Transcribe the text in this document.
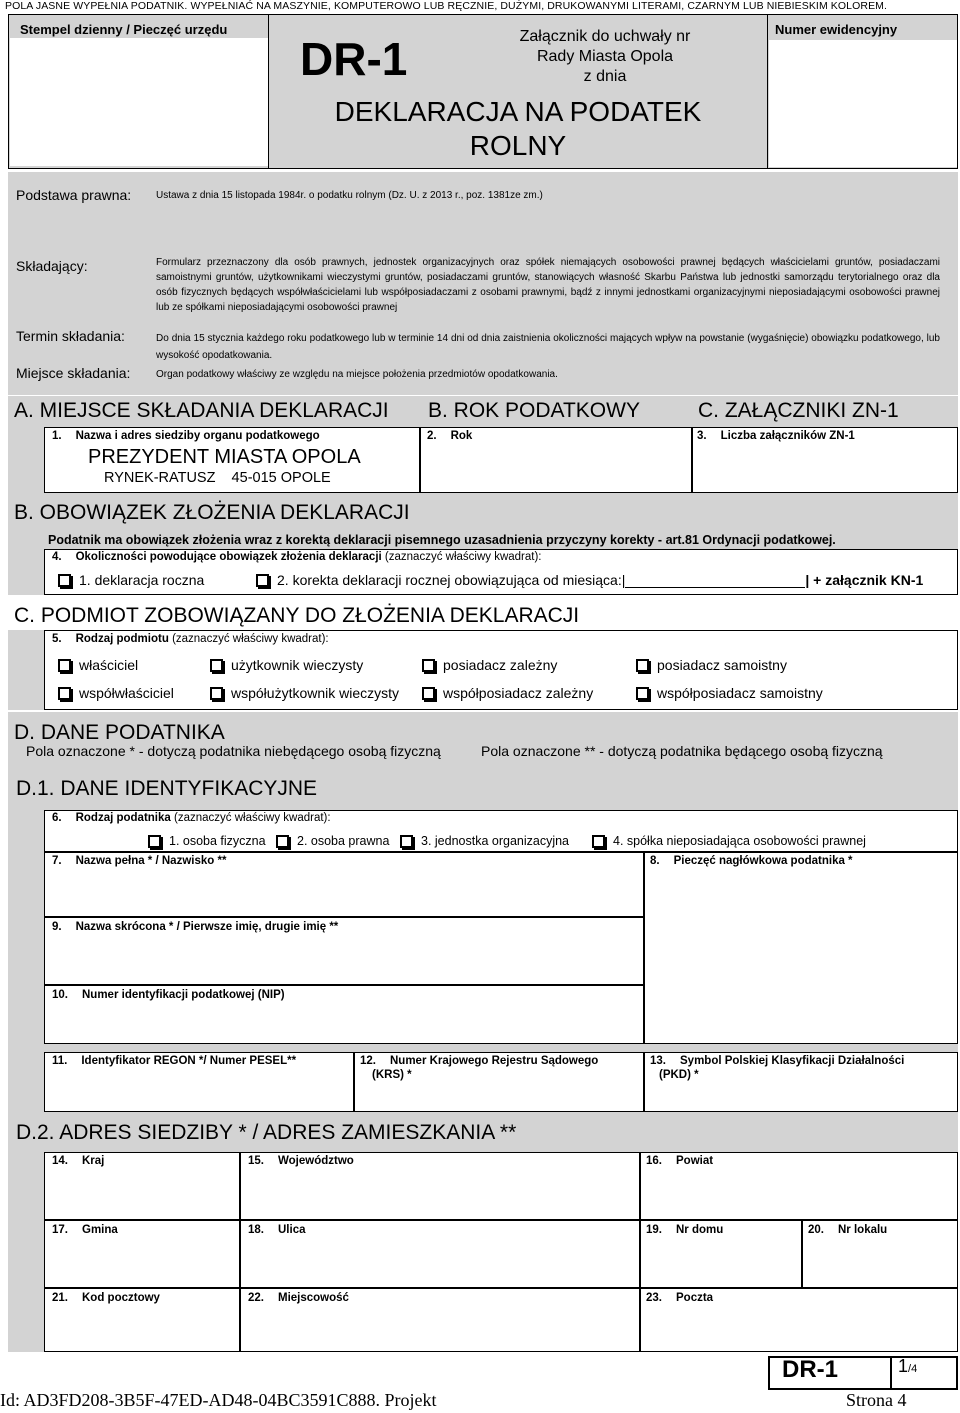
POLA JASNE WYPEŁNIA PODATNIK. WYPEŁNIAĆ NA MASZYNIE, KOMPUTEROWO LUB RĘCZNIE, DUŻYMI, DRUKOWANYMI LITERAMI, CZARNYM LUB NIEBIESKIM KOLOREM.
Stempel dzienny / Pieczęć urzędu
DR-1	Załącznik do uchwały nr
Rady Miasta Opola
z dnia
DEKLARACJA NA PODATEK
ROLNY
Numer ewidencyjny
Podstawa prawna: Ustawa z dnia 15 listopada 1984r. o podatku rolnym (Dz. U. z 2013 r., poz. 1381ze zm.)
Składający:	Formularz przeznaczony dla osób prawnych, jednostek organizacyjnych oraz spółek niemających osobowości prawnej będących właścicielami gruntów, posiadaczami samoistnymi gruntów, użytkownikami wieczystymi gruntów, posiadaczami gruntów, stanowiących własność Skarbu Państwa lub jednostki samorządu terytorialnego oraz dla osób fizycznych będących współwłaścicielami lub współposiadaczami z osobami prawnymi, bądź z innymi jednostkami organizacyjnymi nieposiadającymi osobowości prawnej lub ze spółkami nieposiadającymi osobowości prawnej
Termin składania:	Do dnia 15 stycznia każdego roku podatkowego lub w terminie 14 dni od dnia zaistnienia okoliczności mających wpływ na powstanie (wygaśnięcie) obowiązku podatkowego, lub wysokość opodatkowania.
Miejsce składania:	Organ podatkowy właściwy ze względu na miejsce położenia przedmiotów opodatkowania.
A. MIEJSCE SKŁADANIA DEKLARACJI B. ROK PODATKOWY	C. ZAŁĄCZNIKI ZN-1
1. Nazwa i adres siedziby organu podatkowego
PREZYDENT MIASTA OPOLA
RYNEK-RATUSZ    45-015 OPOLE
2. Rok	3. Liczba załączników ZN-1
B. OBOWIĄZEK ZŁOŻENIA DEKLARACJI
Podatnik ma obowiązek złożenia wraz z korektą deklaracji pisemnego uzasadnienia przyczyny korekty - art.81 Ordynacji podatkowej.
4. Okoliczności powodujące obowiązek złożenia deklaracji (zaznaczyć właściwy kwadrat):
1. deklaracja roczna	2. korekta deklaracji rocznej obowiązująca od miesiąca:|	| + załącznik KN-1
C. PODMIOT ZOBOWIĄZANY DO ZŁOŻENIA DEKLARACJI
5. Rodzaj podmiotu (zaznaczyć właściwy kwadrat):
właściciel	użytkownik wieczysty	posiadacz zależny	posiadacz samoistny
współwłaściciel	współużytkownik wieczysty	współposiadacz zależny	współposiadacz samoistny
D. DANE PODATNIKA
Pola oznaczone * - dotyczą podatnika niebędącego osobą fizyczną	Pola oznaczone ** - dotyczą podatnika będącego osobą fizyczną
D.1. DANE IDENTYFIKACYJNE
6. Rodzaj podatnika (zaznaczyć właściwy kwadrat):
1. osoba fizyczna	2. osoba prawna	3. jednostka organizacyjna	4. spółka nieposiadająca osobowości prawnej
7. Nazwa pełna * / Nazwisko **	8. Pieczęć nagłówkowa podatnika *
9. Nazwa skrócona * / Pierwsze imię, drugie imię **
10. Numer identyfikacji podatkowej (NIP)
11. Identyfikator REGON */ Numer PESEL**	12. Numer Krajowego Rejestru Sądowego
(KRS) *
13. Symbol Polskiej Klasyfikacji Działalności
(PKD) *
D.2. ADRES SIEDZIBY * / ADRES ZAMIESZKANIA **
14. Kraj	15. Województwo	16. Powiat
17. Gmina	18. Ulica	19. Nr domu	20. Nr lokalu
21. Kod pocztowy	22. Miejscowość	23. Poczta
DR-1	1/4
Id: AD3FD208-3B5F-47ED-AD48-04BC3591C888. Projekt	Strona 4
